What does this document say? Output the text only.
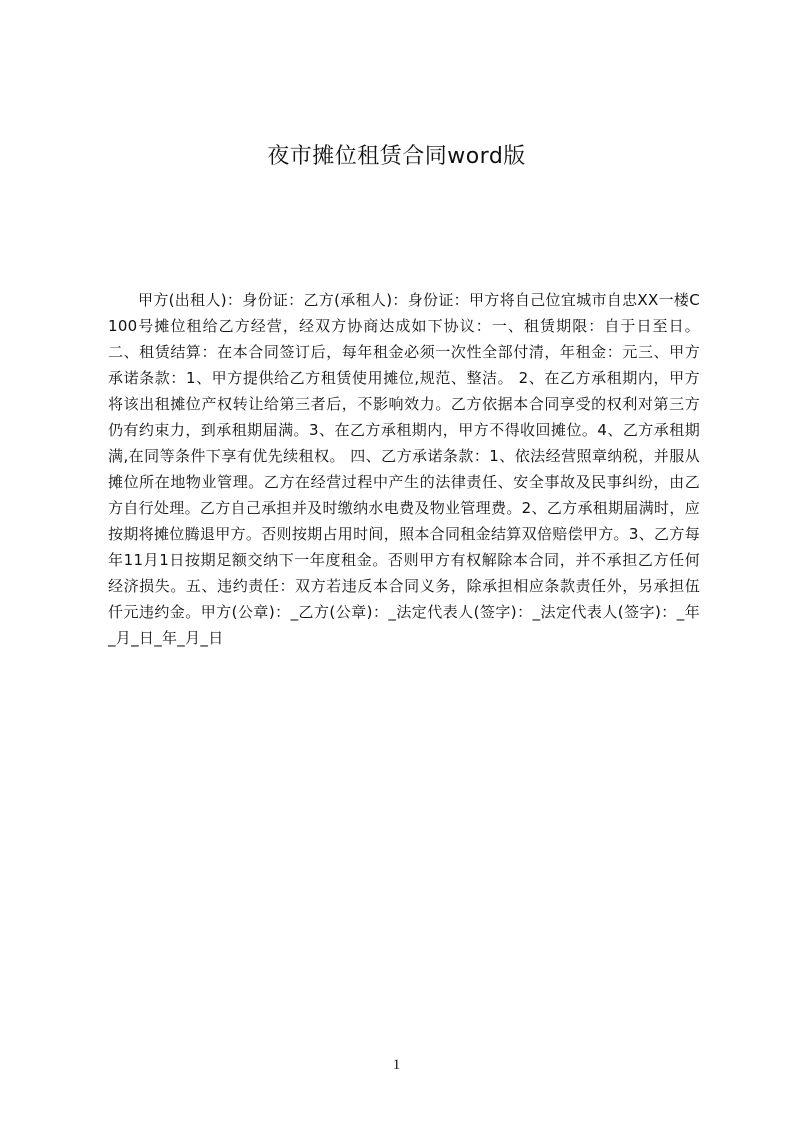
夜市摊位租赁合同word版

甲方(出租人)：身份证：乙方(承租人)：身份证：甲方将自己位宜城市自忠XX一楼C100号摊位租给乙方经营，经双方协商达成如下协议：一、租赁期限：自于日至日。二、租赁结算：在本合同签订后，每年租金必须一次性全部付清，年租金：元三、甲方承诺条款：1、甲方提供给乙方租赁使用摊位,规范、整洁。 2、在乙方承租期内，甲方将该出租摊位产权转让给第三者后，不影响效力。乙方依据本合同享受的权利对第三方仍有约束力，到承租期届满。3、在乙方承租期内，甲方不得收回摊位。4、乙方承租期满,在同等条件下享有优先续租权。 四、乙方承诺条款：1、依法经营照章纳税，并服从摊位所在地物业管理。乙方在经营过程中产生的法律责任、安全事故及民事纠纷，由乙方自行处理。乙方自己承担并及时缴纳水电费及物业管理费。2、乙方承租期届满时，应按期将摊位腾退甲方。否则按期占用时间，照本合同租金结算双倍赔偿甲方。3、乙方每年11月1日按期足额交纳下一年度租金。否则甲方有权解除本合同，并不承担乙方任何经济损失。五、违约责任：双方若违反本合同义务，除承担相应条款责任外，另承担伍仟元违约金。甲方(公章)：_乙方(公章)：_法定代表人(签字)：_法定代表人(签字)：_年_月_日_年_月_日

1
